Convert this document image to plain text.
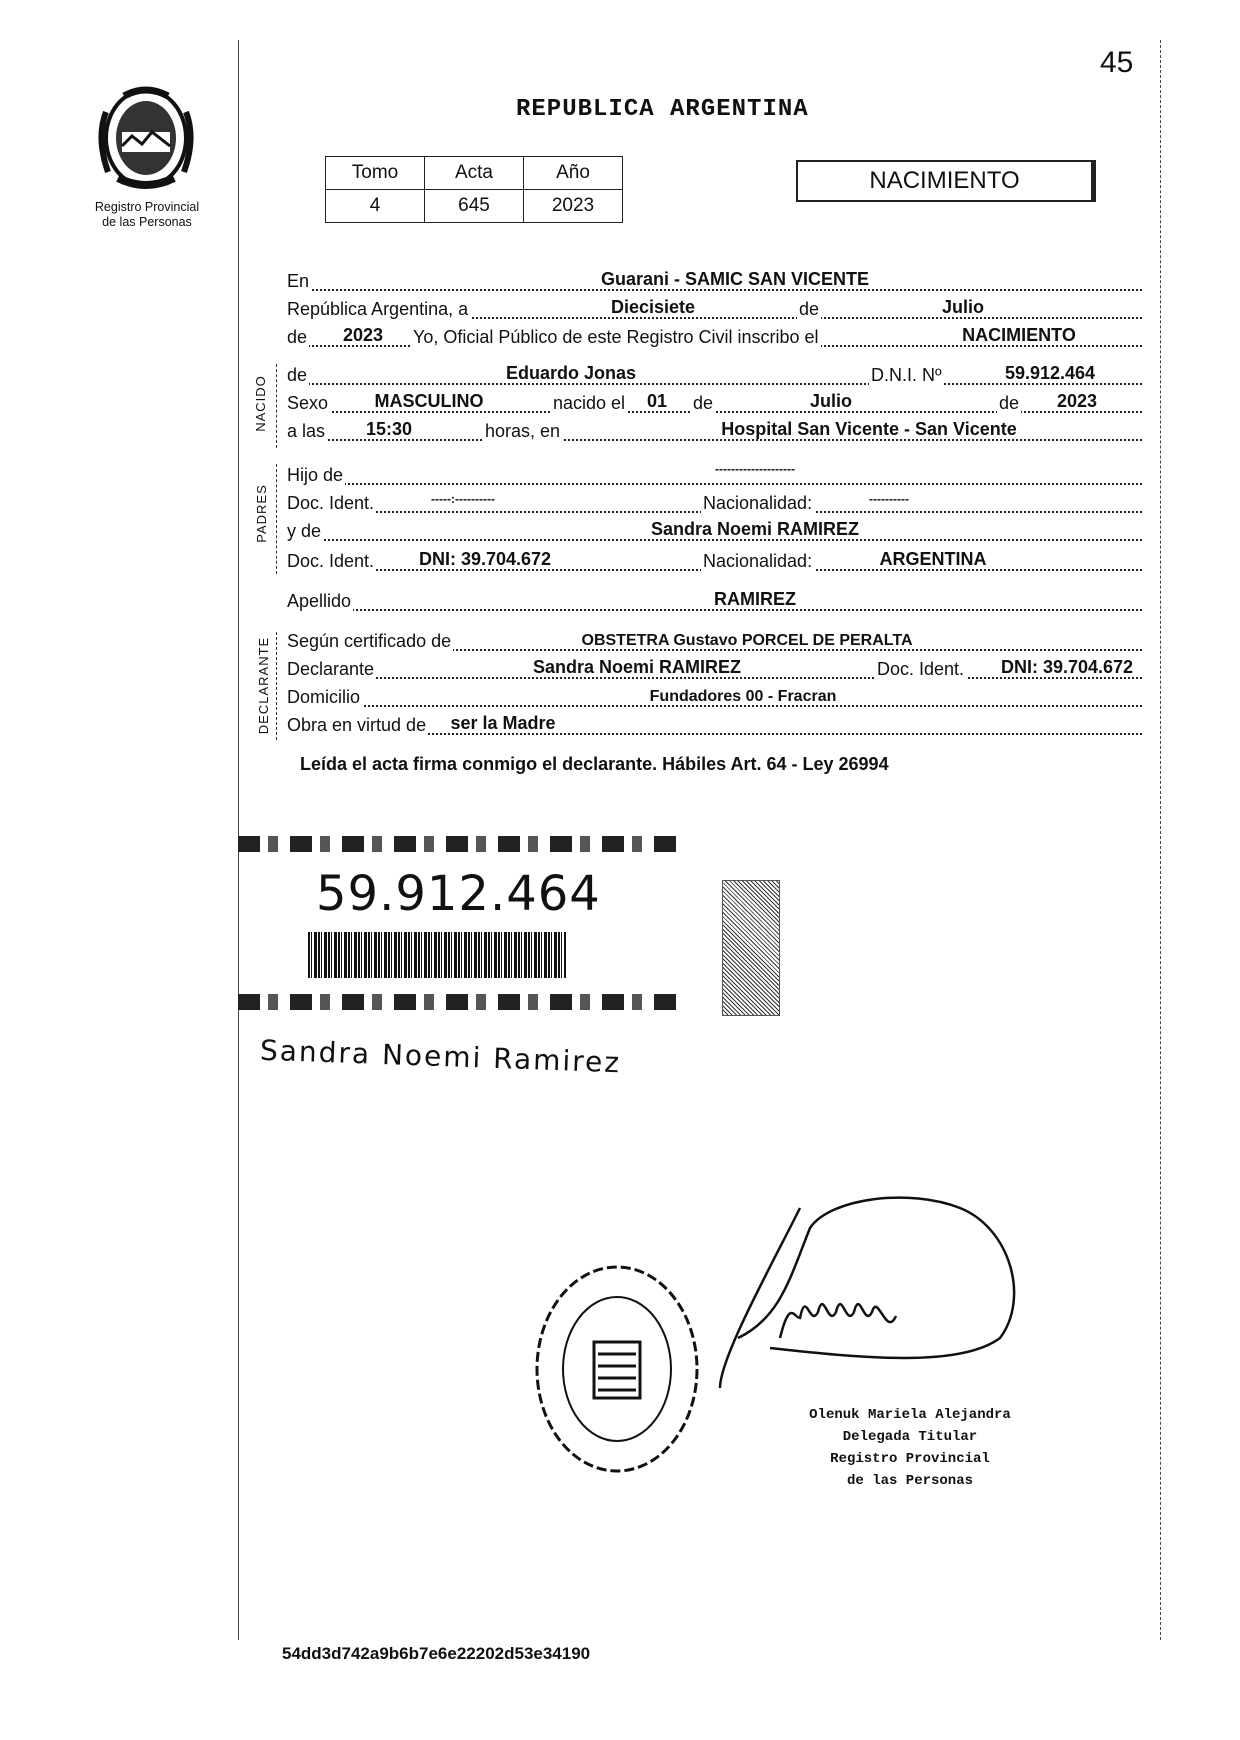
45
Registro Provincial
de las Personas
REPUBLICA ARGENTINA
Tomo	Acta	Año
4	645	2023
NACIMIENTO
En	Guarani - SAMIC SAN VICENTE
República Argentina, a	Diecisiete	de	Julio
de 2023 Yo, Oficial Público de este Registro Civil inscribo el	NACIMIENTO
de	Eduardo Jonas	D.N.I. Nº	59.912.464
Sexo	MASCULINO	nacido el 01 de	Julio	de 2023
a las 15:30	horas, en	Hospital San Vicente - San Vicente
Hijo de	--------------------
Doc. Ident.	-----:----------	Nacionalidad:	----------
y de	Sandra Noemi RAMIREZ
Doc. Ident. DNI: 39.704.672	Nacionalidad:	ARGENTINA
Apellido	RAMIREZ
Según certificado de	OBSTETRA Gustavo PORCEL DE PERALTA
Declarante	Sandra Noemi RAMIREZ	Doc. Ident. DNI: 39.704.672
Domicilio	Fundadores 00 - Fracran
Obra en virtud de ser la Madre
NACIDO
PADRES
DECLARANTE
Leída el acta firma conmigo el declarante. Hábiles Art. 64 - Ley 26994
59.912.464
Sandra Noemi Ramirez
Olenuk Mariela Alejandra
Delegada Titular
Registro Provincial
de las Personas
54dd3d742a9b6b7e6e22202d53e34190
